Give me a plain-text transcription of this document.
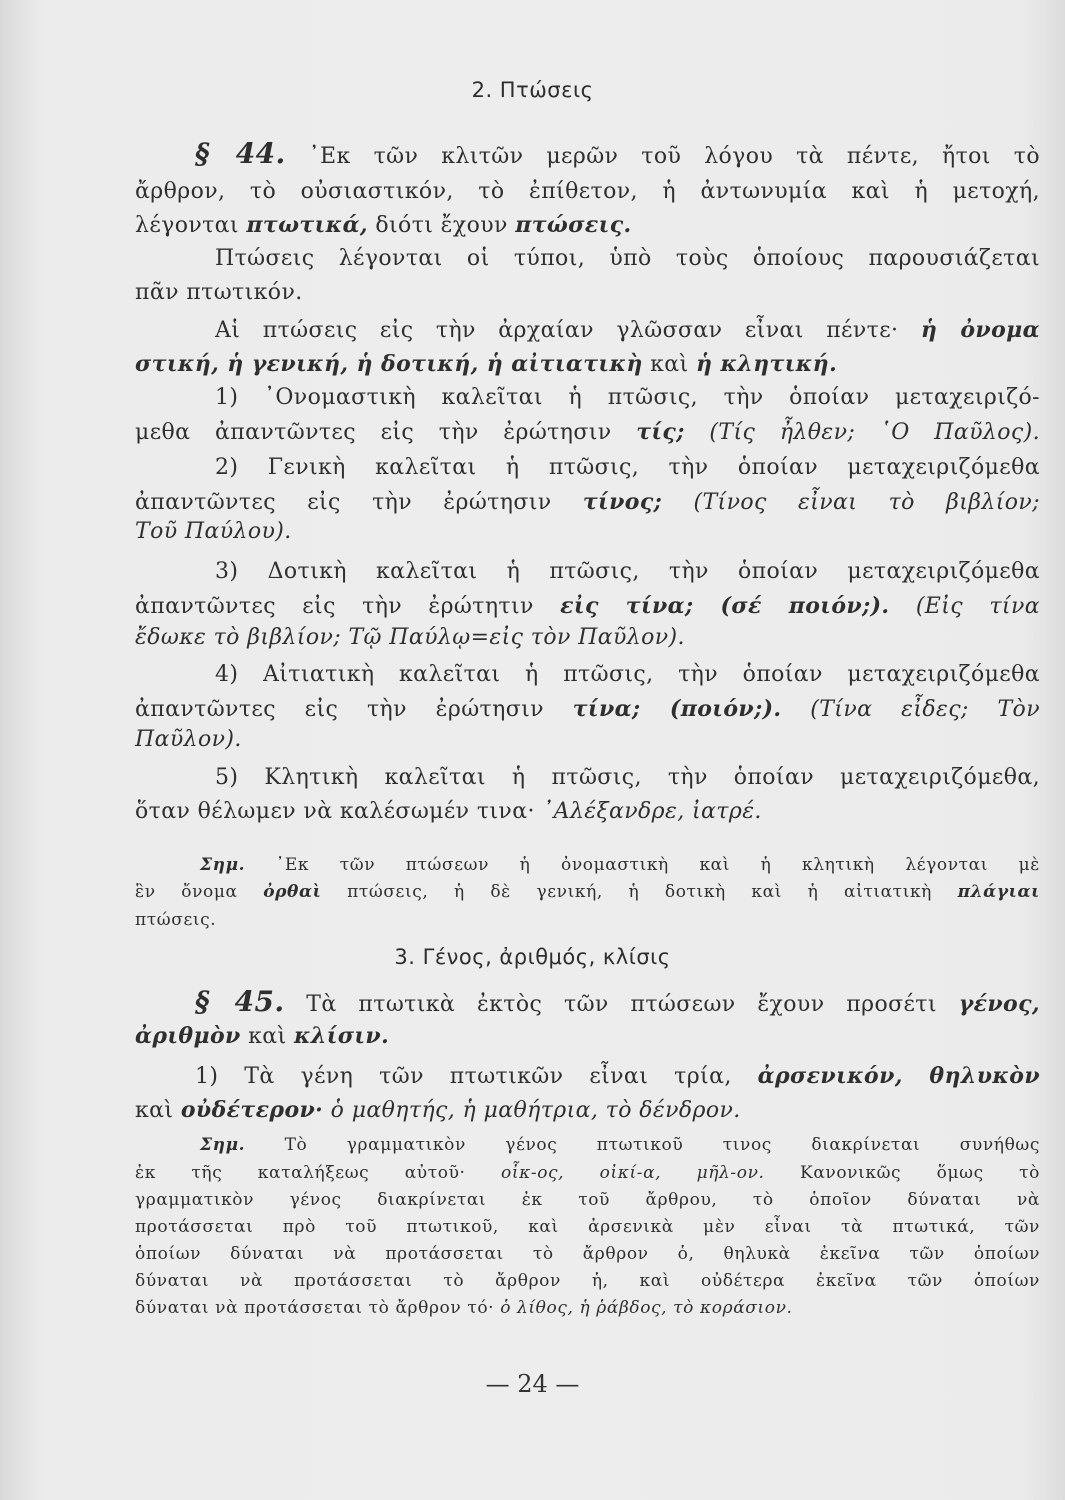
2. Πτώσεις
§ 44. ᾿Εκ τῶν κλιτῶν μερῶν τοῦ λόγου τὰ πέντε, ἤτοι τὸ
ἄρθρον, τὸ οὐσιαστικόν, τὸ ἐπίθετον, ἡ ἀντωνυμία καὶ ἡ μετοχή,
λέγονται πτωτικά, διότι ἔχουν πτώσεις.
Πτώσεις λέγονται οἱ τύποι, ὑπὸ τοὺς ὁποίους παρουσιάζεται
πᾶν πτωτικόν.
Αἱ πτώσεις εἰς τὴν ἀρχαίαν γλῶσσαν εἶναι πέντε· ἡ ὀνομα
στική, ἡ γενική, ἡ δοτική, ἡ αἰτιατικὴ καὶ ἡ κλητική.
1) ᾿Ονομαστικὴ καλεῖται ἡ πτῶσις, τὴν ὁποίαν μεταχειριζό-
μεθα ἀπαντῶντες εἰς τὴν ἐρώτησιν τίς; (Τίς ἦλθεν; ῾Ο Παῦλος).
2) Γενικὴ καλεῖται ἡ πτῶσις, τὴν ὁποίαν μεταχειριζόμεθα
ἀπαντῶντες εἰς τὴν ἐρώτησιν τίνος; (Τίνος εἶναι τὸ βιβλίον;
Τοῦ Παύλου).
3) Δοτικὴ καλεῖται ἡ πτῶσις, τὴν ὁποίαν μεταχειριζόμεθα
ἀπαντῶντες εἰς τὴν ἐρώτητιν εἰς τίνα; (σέ ποιόν;). (Εἰς τίνα
ἔδωκε τὸ βιβλίον; Τῷ Παύλῳ=εἰς τὸν Παῦλον).
4) Αἰτιατικὴ καλεῖται ἡ πτῶσις, τὴν ὁποίαν μεταχειριζόμεθα
ἀπαντῶντες εἰς τὴν ἐρώτησιν τίνα; (ποιόν;). (Τίνα εἶδες; Τὸν
Παῦλον).
5) Κλητικὴ καλεῖται ἡ πτῶσις, τὴν ὁποίαν μεταχειριζόμεθα,
ὅταν θέλωμεν νὰ καλέσωμέν τινα· ᾿Αλέξανδρε, ἰατρέ.
Σημ. ᾿Εκ τῶν πτώσεων ἡ ὀνομαστικὴ καὶ ἡ κλητικὴ λέγονται μὲ
ἓν ὄνομα ὀρθαὶ πτώσεις, ἡ δὲ γενική, ἡ δοτικὴ καὶ ἡ αἰτιατικὴ πλάγιαι
πτώσεις.
3. Γένος, ἀριθμός, κλίσις
§ 45. Τὰ πτωτικὰ ἐκτὸς τῶν πτώσεων ἔχουν προσέτι γένος,
ἀριθμὸν καὶ κλίσιν.
1) Τὰ γένη τῶν πτωτικῶν εἶναι τρία, ἀρσενικόν, θηλυκὸν
καὶ οὐδέτερον· ὁ μαθητής, ἡ μαθήτρια, τὸ δένδρον.
Σημ. Τὸ γραμματικὸν γένος πτωτικοῦ τινος διακρίνεται συνήθως
ἐκ τῆς καταλήξεως αὐτοῦ· οἶκ-ος, οἰκί-α, μῆλ-ον. Κανονικῶς ὅμως τὸ
γραμματικὸν γένος διακρίνεται ἐκ τοῦ ἄρθρου, τὸ ὁποῖον δύναται νὰ
προτάσσεται πρὸ τοῦ πτωτικοῦ, καὶ ἀρσενικὰ μὲν εἶναι τὰ πτωτικά, τῶν
ὁποίων δύναται νὰ προτάσσεται τὸ ἄρθρον ὁ, θηλυκὰ ἐκεῖνα τῶν ὁποίων
δύναται νὰ προτάσσεται τὸ ἄρθρον ἡ, καὶ οὐδέτερα ἐκεῖνα τῶν ὁποίων
δύναται νὰ προτάσσεται τὸ ἄρθρον τό· ὁ λίθος, ἡ ῥάβδος, τὸ κοράσιον.
— 24 —
